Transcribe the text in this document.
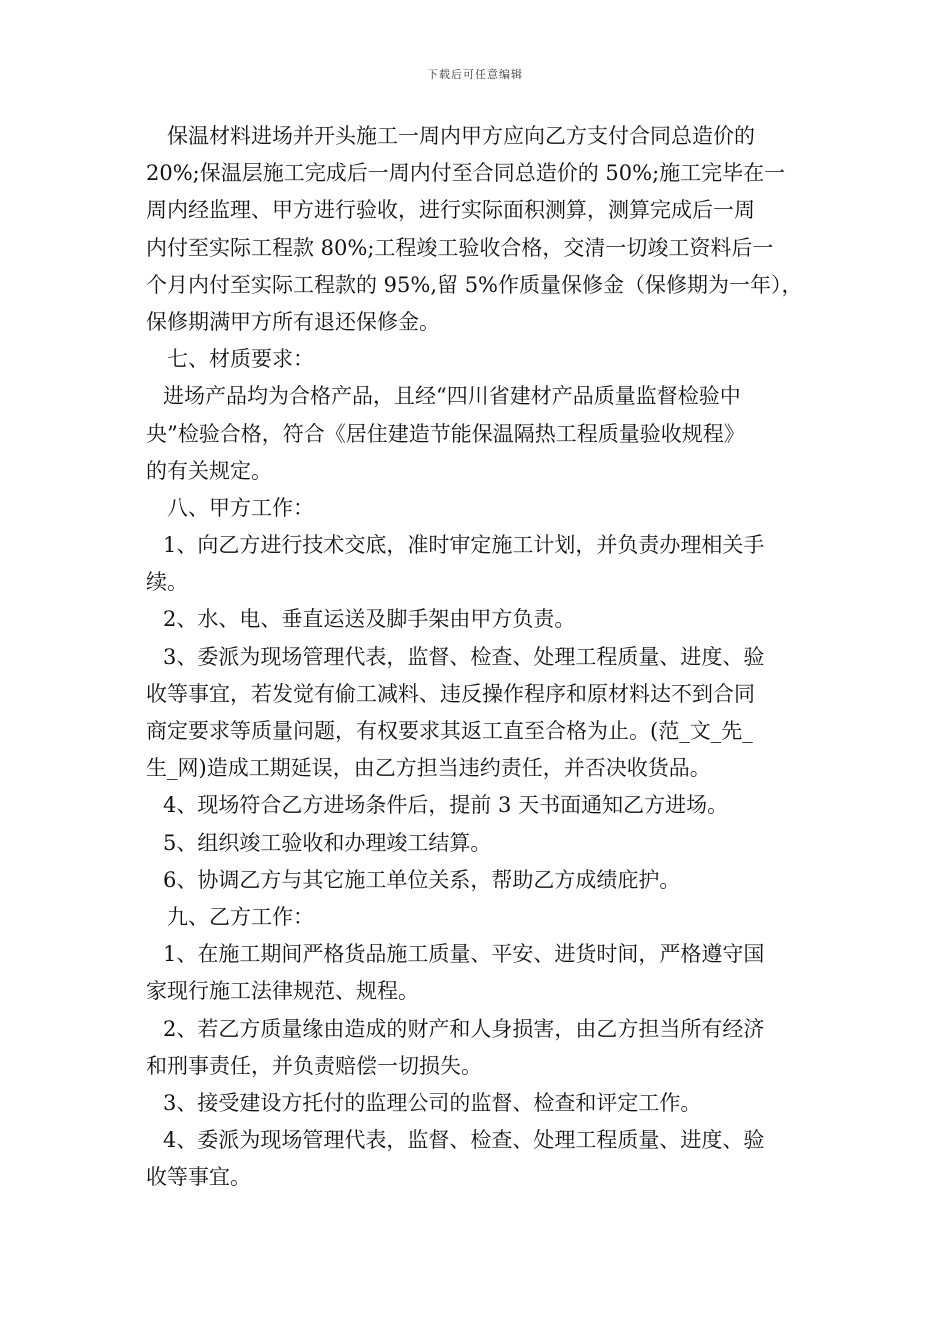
下载后可任意编辑
保温材料进场并开头施工一周内甲方应向乙方支付合同总造价的
20%;保温层施工完成后一周内付至合同总造价的 50%;施工完毕在一
周内经监理、甲方进行验收，进行实际面积测算，测算完成后一周
内付至实际工程款 80%;工程竣工验收合格，交清一切竣工资料后一
个月内付至实际工程款的 95%,留 5%作质量保修金（保修期为一年），
保修期满甲方所有退还保修金。
七、材质要求：
进场产品均为合格产品，且经“四川省建材产品质量监督检验中
央”检验合格，符合《居住建造节能保温隔热工程质量验收规程》
的有关规定。
八、甲方工作：
1、向乙方进行技术交底，准时审定施工计划，并负责办理相关手
续。
2、水、电、垂直运送及脚手架由甲方负责。
3、委派为现场管理代表，监督、检查、处理工程质量、进度、验
收等事宜，若发觉有偷工减料、违反操作程序和原材料达不到合同
商定要求等质量问题，有权要求其返工直至合格为止。(范_文_先_
生_网)造成工期延误，由乙方担当违约责任，并否决收货品。
4、现场符合乙方进场条件后，提前 3 天书面通知乙方进场。
5、组织竣工验收和办理竣工结算。
6、协调乙方与其它施工单位关系，帮助乙方成绩庇护。
九、乙方工作：
1、在施工期间严格货品施工质量、平安、进货时间，严格遵守国
家现行施工法律规范、规程。
2、若乙方质量缘由造成的财产和人身损害，由乙方担当所有经济
和刑事责任，并负责赔偿一切损失。
3、接受建设方托付的监理公司的监督、检查和评定工作。
4、委派为现场管理代表，监督、检查、处理工程质量、进度、验
收等事宜。
